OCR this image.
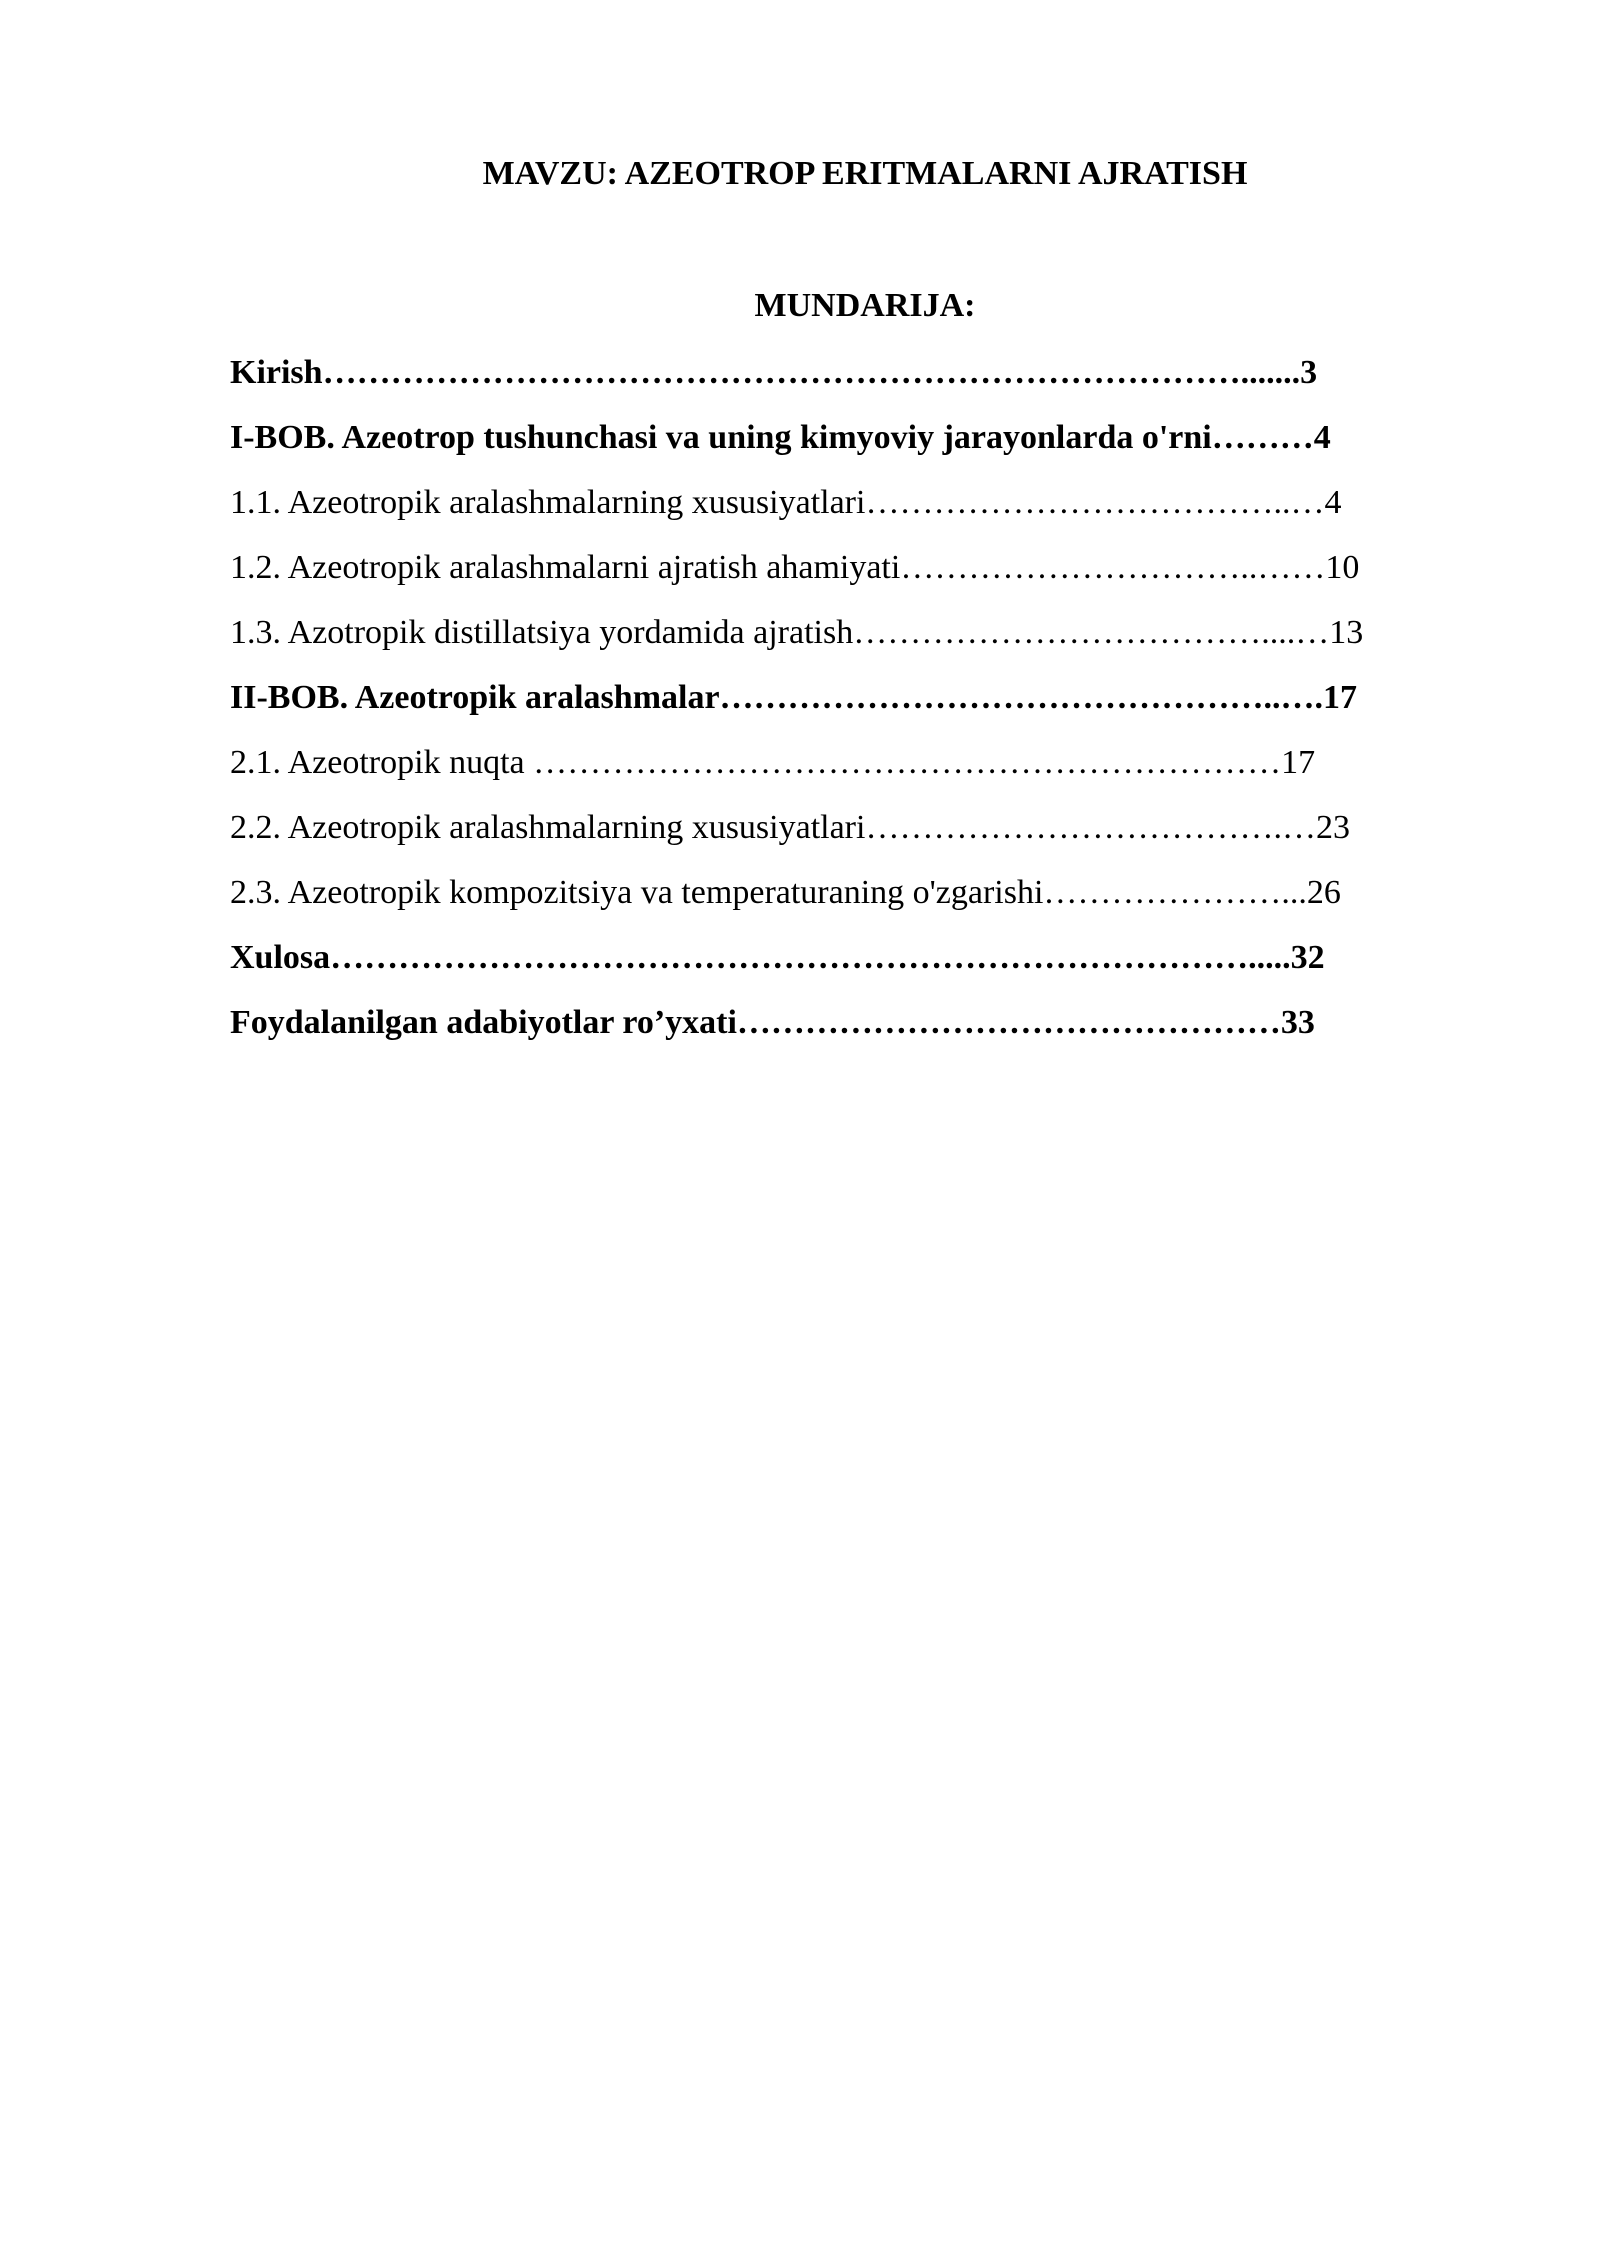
MAVZU: AZEOTROP ERITMALARNI AJRATISH
MUNDARIJA:
Kirish……………………………………………………………………….......3
I-BOB. Azeotrop tushunchasi va uning kimyoviy jarayonlarda o'rni………4
1.1. Azeotropik aralashmalarning xususiyatlari………………………………..…4
1.2. Azeotropik aralashmalarni ajratish ahamiyati…………………………..……10
1.3. Azotropik distillatsiya yordamida ajratish………………………………....…13
II-BOB. Azeotropik aralashmalar…………………………………………..….17
2.1. Azeotropik nuqta …………………………………………………………17
2.2. Azeotropik aralashmalarning xususiyatlari……………………………….…23
2.3. Azeotropik kompozitsiya va temperaturaning o'zgarishi…………………...26
Xulosa……………………………………………………………………….....32
Foydalanilgan adabiyotlar ro’yxati…………………………………………33
